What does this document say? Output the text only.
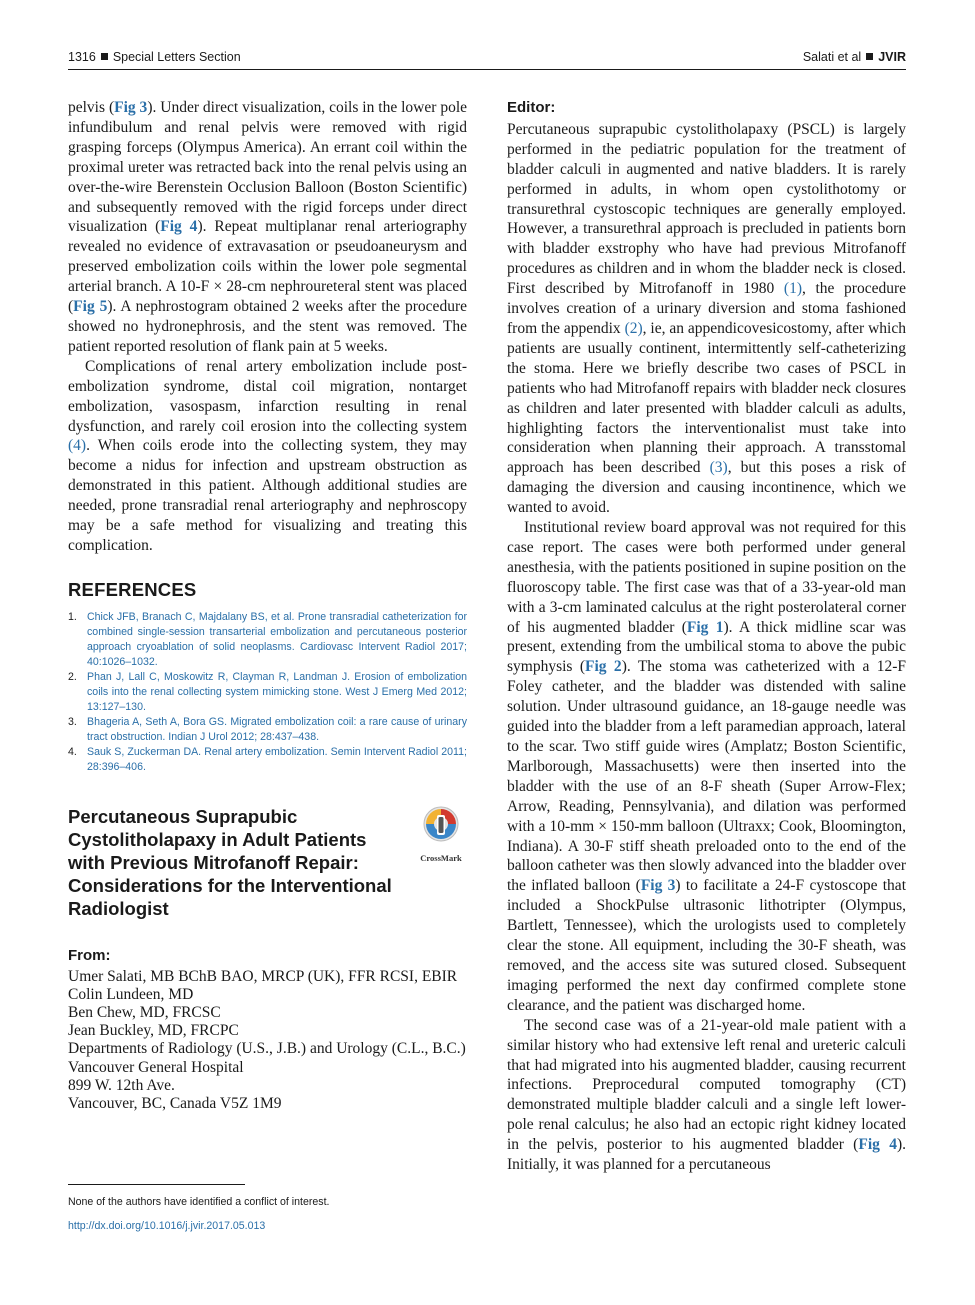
1316 Special Letters Section	Salati et al JVIR

pelvis (Fig 3). Under direct visualization, coils in the lower pole infundibulum and renal pelvis were removed with rigid grasping forceps (Olympus America). An errant coil within the proximal ureter was retracted back into the renal pelvis using an over-the-wire Berenstein Occlusion Balloon (Boston Scientific) and subsequently removed with the rigid forceps under direct visualization (Fig 4). Repeat multiplanar renal arteriography revealed no evidence of extravasation or pseudoaneurysm and preserved embolization coils within the lower pole segmental arterial branch. A 10-F × 28-cm nephroureteral stent was placed (Fig 5). A nephrostogram obtained 2 weeks after the procedure showed no hydronephrosis, and the stent was removed. The patient reported resolution of flank pain at 5 weeks.

Complications of renal artery embolization include post-embolization syndrome, distal coil migration, nontarget embolization, vasospasm, infarction resulting in renal dysfunction, and rarely coil erosion into the collecting system (4). When coils erode into the collecting system, they may become a nidus for infection and upstream obstruction as demonstrated in this patient. Although additional studies are needed, prone transradial renal arteriography and nephroscopy may be a safe method for visualizing and treating this complication.

REFERENCES
1. Chick JFB, Branach C, Majdalany BS, et al. Prone transradial catheterization for combined single-session transarterial embolization and percutaneous posterior approach cryoablation of solid neoplasms. Cardiovasc Intervent Radiol 2017; 40:1026–1032.
2. Phan J, Lall C, Moskowitz R, Clayman R, Landman J. Erosion of embolization coils into the renal collecting system mimicking stone. West J Emerg Med 2012; 13:127–130.
3. Bhageria A, Seth A, Bora GS. Migrated embolization coil: a rare cause of urinary tract obstruction. Indian J Urol 2012; 28:437–438.
4. Sauk S, Zuckerman DA. Renal artery embolization. Semin Intervent Radiol 2011; 28:396–406.
Percutaneous Suprapubic Cystolitholapaxy in Adult Patients with Previous Mitrofanoff Repair: Considerations for the Interventional Radiologist
CrossMark
From:
Umer Salati, MB BChB BAO, MRCP (UK), FFR RCSI, EBIR
Colin Lundeen, MD
Ben Chew, MD, FRCSC
Jean Buckley, MD, FRCPC
Departments of Radiology (U.S., J.B.) and Urology (C.L., B.C.)
Vancouver General Hospital
899 W. 12th Ave.
Vancouver, BC, Canada V5Z 1M9
None of the authors have identified a conflict of interest.
http://dx.doi.org/10.1016/j.jvir.2017.05.013
Editor:

Percutaneous suprapubic cystolitholapaxy (PSCL) is largely performed in the pediatric population for the treatment of bladder calculi in augmented and native bladders. It is rarely performed in adults, in whom open cystolithotomy or transurethral cystoscopic techniques are generally employed. However, a transurethral approach is precluded in patients born with bladder exstrophy who have had previous Mitrofanoff procedures as children and in whom the bladder neck is closed. First described by Mitrofanoff in 1980 (1), the procedure involves creation of a urinary diversion and stoma fashioned from the appendix (2), ie, an appendicovesicostomy, after which patients are usually continent, intermittently self-catheterizing the stoma. Here we briefly describe two cases of PSCL in patients who had Mitrofanoff repairs with bladder neck closures as children and later presented with bladder calculi as adults, highlighting factors the interventionalist must take into consideration when planning their approach. A transstomal approach has been described (3), but this poses a risk of damaging the diversion and causing incontinence, which we wanted to avoid.

Institutional review board approval was not required for this case report. The cases were both performed under general anesthesia, with the patients positioned in supine position on the fluoroscopy table. The first case was that of a 33-year-old man with a 3-cm laminated calculus at the right posterolateral corner of his augmented bladder (Fig 1). A thick midline scar was present, extending from the umbilical stoma to above the pubic symphysis (Fig 2). The stoma was catheterized with a 12-F Foley catheter, and the bladder was distended with saline solution. Under ultrasound guidance, an 18-gauge needle was guided into the bladder from a left paramedian approach, lateral to the scar. Two stiff guide wires (Amplatz; Boston Scientific, Marlborough, Massachusetts) were then inserted into the bladder with the use of an 8-F sheath (Super Arrow-Flex; Arrow, Reading, Pennsylvania), and dilation was performed with a 10-mm × 150-mm balloon (Ultraxx; Cook, Bloomington, Indiana). A 30-F stiff sheath preloaded onto to the end of the balloon catheter was then slowly advanced into the bladder over the inflated balloon (Fig 3) to facilitate a 24-F cystoscope that included a ShockPulse ultrasonic lithotripter (Olympus, Bartlett, Tennessee), which the urologists used to completely clear the stone. All equipment, including the 30-F sheath, was removed, and the access site was sutured closed. Subsequent imaging performed the next day confirmed complete stone clearance, and the patient was discharged home.

The second case was of a 21-year-old male patient with a similar history who had extensive left renal and ureteric calculi that had migrated into his augmented bladder, causing recurrent infections. Preprocedural computed tomography (CT) demonstrated multiple bladder calculi and a single left lower-pole renal calculus; he also had an ectopic right kidney located in the pelvis, posterior to his augmented bladder (Fig 4). Initially, it was planned for a percutaneous
